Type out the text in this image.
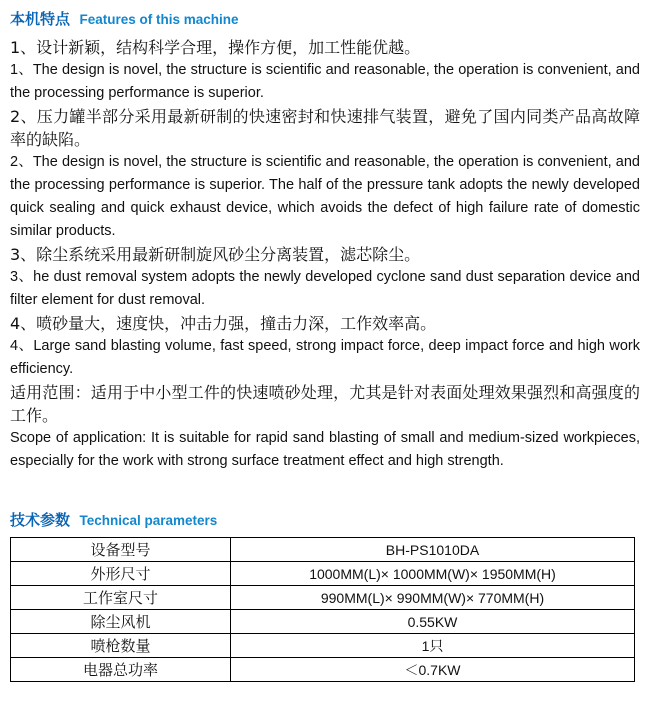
本机特点 Features of this machine

1、设计新颖，结构科学合理，操作方便，加工性能优越。

1、The design is novel, the structure is scientific and reasonable, the operation is convenient, and the processing performance is superior.

2、压力罐半部分采用最新研制的快速密封和快速排气装置，避免了国内同类产品高故障率的缺陷。

2、The design is novel, the structure is scientific and reasonable, the operation is convenient, and the processing performance is superior. The half of the pressure tank adopts the newly developed quick sealing and quick exhaust device, which avoids the defect of high failure rate of domestic similar products.

3、除尘系统采用最新研制旋风砂尘分离装置，滤芯除尘。

3、he dust removal system adopts the newly developed cyclone sand dust separation device and filter element for dust removal.

4、喷砂量大，速度快，冲击力强，撞击力深，工作效率高。

4、Large sand blasting volume, fast speed, strong impact force, deep impact force and high work efficiency.

适用范围：适用于中小型工件的快速喷砂处理，尤其是针对表面处理效果强烈和高强度的工作。

Scope of application: It is suitable for rapid sand blasting of small and medium-sized workpieces, especially for the work with strong surface treatment effect and high strength.

技术参数 Technical parameters
设备型号	BH-PS1010DA
外形尺寸	1000MM(L)× 1000MM(W)× 1950MM(H)
工作室尺寸	990MM(L)× 990MM(W)× 770MM(H)
除尘风机	0.55KW
喷枪数量	1只
电器总功率	＜0.7KW
